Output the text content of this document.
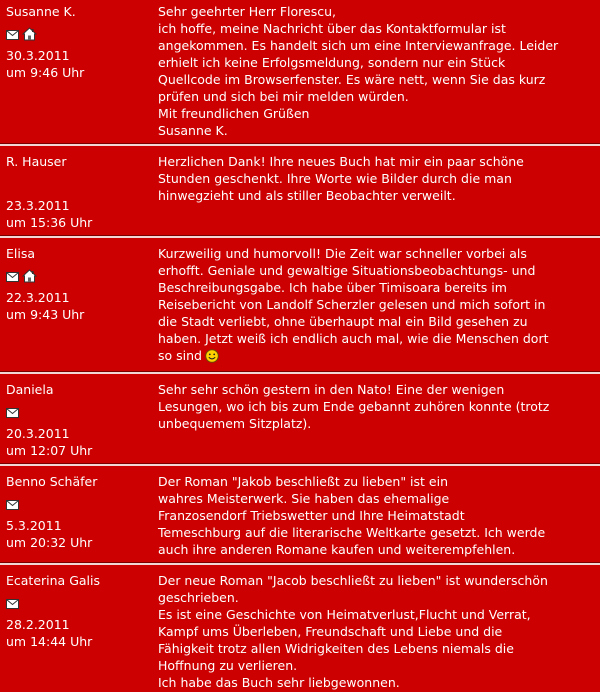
Susanne K.
30.3.2011
um 9:46 Uhr
Sehr geehrter Herr Florescu,
ich hoffe, meine Nachricht über das Kontaktformular ist
angekommen. Es handelt sich um eine Interviewanfrage. Leider
erhielt ich keine Erfolgsmeldung, sondern nur ein Stück
Quellcode im Browserfenster. Es wäre nett, wenn Sie das kurz
prüfen und sich bei mir melden würden.
Mit freundlichen Grüßen
Susanne K.
R. Hauser
23.3.2011
um 15:36 Uhr
Herzlichen Dank! Ihre neues Buch hat mir ein paar schöne
Stunden geschenkt. Ihre Worte wie Bilder durch die man
hinwegzieht und als stiller Beobachter verweilt.
Elisa
22.3.2011
um 9:43 Uhr
Kurzweilig und humorvoll! Die Zeit war schneller vorbei als
erhofft. Geniale und gewaltige Situationsbeobachtungs- und
Beschreibungsgabe. Ich habe über Timisoara bereits im
Reisebericht von Landolf Scherzler gelesen und mich sofort in
die Stadt verliebt, ohne überhaupt mal ein Bild gesehen zu
haben. Jetzt weiß ich endlich auch mal, wie die Menschen dort
so sind
Daniela
20.3.2011
um 12:07 Uhr
Sehr sehr schön gestern in den Nato! Eine der wenigen
Lesungen, wo ich bis zum Ende gebannt zuhören konnte (trotz
unbequemem Sitzplatz).
Benno Schäfer
5.3.2011
um 20:32 Uhr
Der Roman "Jakob beschließt zu lieben" ist ein
wahres Meisterwerk. Sie haben das ehemalige
Franzosendorf Triebswetter und Ihre Heimatstadt
Temeschburg auf die literarische Weltkarte gesetzt. Ich werde
auch ihre anderen Romane kaufen und weiterempfehlen.
Ecaterina Galis
28.2.2011
um 14:44 Uhr
Der neue Roman "Jacob beschließt zu lieben" ist wunderschön
geschrieben.
Es ist eine Geschichte von Heimatverlust,Flucht und Verrat,
Kampf ums Überleben, Freundschaft und Liebe und die
Fähigkeit trotz allen Widrigkeiten des Lebens niemals die
Hoffnung zu verlieren.
Ich habe das Buch sehr liebgewonnen.
